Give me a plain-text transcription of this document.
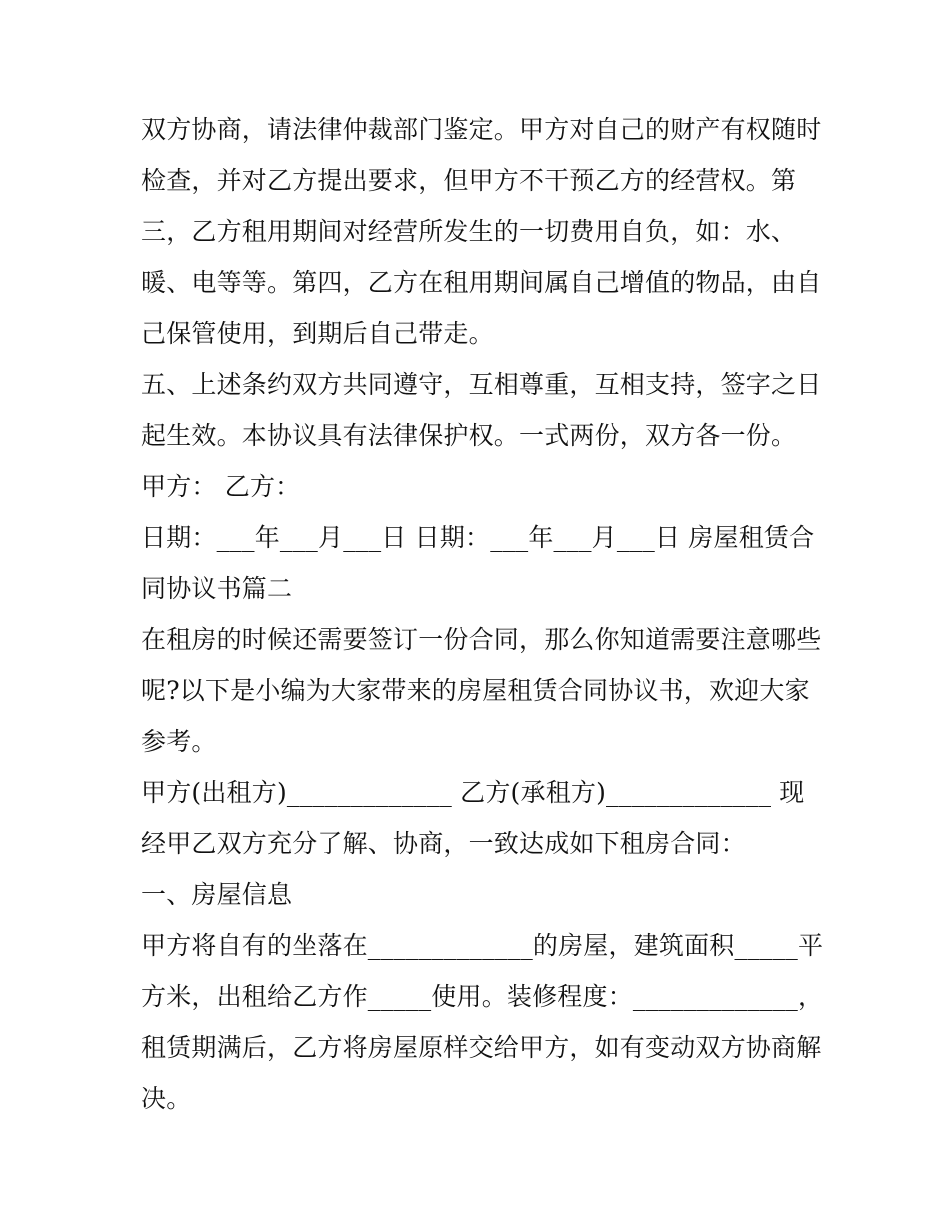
双方协商，请法律仲裁部门鉴定。甲方对自己的财产有权随时
检查，并对乙方提出要求，但甲方不干预乙方的经营权。第
三，乙方租用期间对经营所发生的一切费用自负，如：水、
暖、电等等。第四，乙方在租用期间属自己增值的物品，由自
己保管使用，到期后自己带走。
五、上述条约双方共同遵守，互相尊重，互相支持，签字之日
起生效。本协议具有法律保护权。一式两份，双方各一份。
甲方： 乙方：
日期：___年___月___日 日期：___年___月___日 房屋租赁合
同协议书篇二
在租房的时候还需要签订一份合同，那么你知道需要注意哪些
呢?以下是小编为大家带来的房屋租赁合同协议书，欢迎大家
参考。
甲方(出租方)_____________ 乙方(承租方)_____________ 现
经甲乙双方充分了解、协商，一致达成如下租房合同：
一、房屋信息
甲方将自有的坐落在_____________的房屋，建筑面积_____平
方米，出租给乙方作_____使用。装修程度：_____________，
租赁期满后，乙方将房屋原样交给甲方，如有变动双方协商解
决。
